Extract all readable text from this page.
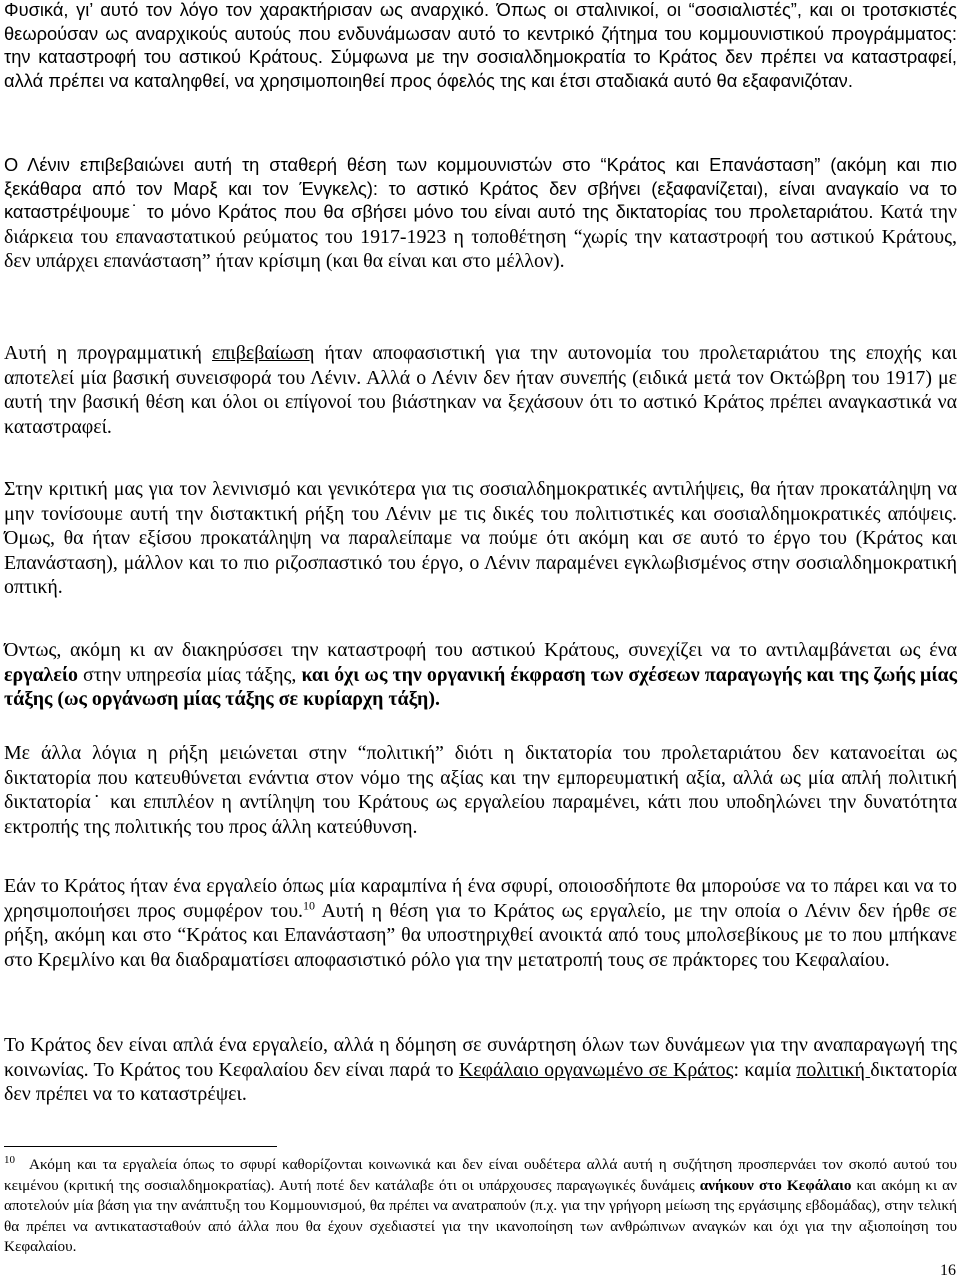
Φυσικά, γι’ αυτό τον λόγο τον χαρακτήρισαν ως αναρχικό. Όπως οι σταλινικοί, οι “σοσιαλιστές”, και οι τροτσκιστές θεωρούσαν ως αναρχικούς αυτούς που ενδυνάμωσαν αυτό το κεντρικό ζήτημα του κομμουνιστικού προγράμματος: την καταστροφή του αστικού Κράτους. Σύμφωνα με την σοσιαλδημοκρατία το Κράτος δεν πρέπει να καταστραφεί, αλλά πρέπει να καταληφθεί, να χρησιμοποιηθεί προς όφελός της και έτσι σταδιακά αυτό θα εξαφανιζόταν.

Ο Λένιν επιβεβαιώνει αυτή τη σταθερή θέση των κομμουνιστών στο “Κράτος και Επανάσταση” (ακόμη και πιο ξεκάθαρα από τον Μαρξ και τον Ένγκελς): το αστικό Κράτος δεν σβήνει (εξαφανίζεται), είναι αναγκαίο να το καταστρέψουμε˙ το μόνο Κράτος που θα σβήσει μόνο του είναι αυτό της δικτατορίας του προλεταριάτου. Κατά την διάρκεια του επαναστατικού ρεύματος του 1917-1923 η τοποθέτηση “χωρίς την καταστροφή του αστικού Κράτους, δεν υπάρχει επανάσταση” ήταν κρίσιμη (και θα είναι και στο μέλλον).

Αυτή η προγραμματική επιβεβαίωση ήταν αποφασιστική για την αυτονομία του προλεταριάτου της εποχής και αποτελεί μία βασική συνεισφορά του Λένιν. Αλλά ο Λένιν δεν ήταν συνεπής (ειδικά μετά τον Οκτώβρη του 1917) με αυτή την βασική θέση και όλοι οι επίγονοί του βιάστηκαν να ξεχάσουν ότι το αστικό Κράτος πρέπει αναγκαστικά να καταστραφεί.

Στην κριτική μας για τον λενινισμό και γενικότερα για τις σοσιαλδημοκρατικές αντιλήψεις, θα ήταν προκατάληψη να μην τονίσουμε αυτή την διστακτική ρήξη του Λένιν με τις δικές του πολιτιστικές και σοσιαλδημοκρατικές απόψεις. Όμως, θα ήταν εξίσου προκατάληψη να παραλείπαμε να πούμε ότι ακόμη και σε αυτό το έργο του (Κράτος και Επανάσταση), μάλλον και το πιο ριζοσπαστικό του έργο, ο Λένιν παραμένει εγκλωβισμένος στην σοσιαλδημοκρατική οπτική.

Όντως, ακόμη κι αν διακηρύσσει την καταστροφή του αστικού Κράτους, συνεχίζει να το αντιλαμβάνεται ως ένα εργαλείο στην υπηρεσία μίας τάξης, και όχι ως την οργανική έκφραση των σχέσεων παραγωγής και της ζωής μίας τάξης (ως οργάνωση μίας τάξης σε κυρίαρχη τάξη).

Με άλλα λόγια η ρήξη μειώνεται στην “πολιτική” διότι η δικτατορία του προλεταριάτου δεν κατανοείται ως δικτατορία που κατευθύνεται ενάντια στον νόμο της αξίας και την εμπορευματική αξία, αλλά ως μία απλή πολιτική δικτατορία˙ και επιπλέον η αντίληψη του Κράτους ως εργαλείου παραμένει, κάτι που υποδηλώνει την δυνατότητα εκτροπής της πολιτικής του προς άλλη κατεύθυνση.

Εάν το Κράτος ήταν ένα εργαλείο όπως μία καραμπίνα ή ένα σφυρί, οποιοσδήποτε θα μπορούσε να το πάρει και να το χρησιμοποιήσει προς συμφέρον του.$^{10}$ Αυτή η θέση για το Κράτος ως εργαλείο, με την οποία ο Λένιν δεν ήρθε σε ρήξη, ακόμη και στο “Κράτος και Επανάσταση” θα υποστηριχθεί ανοικτά από τους μπολσεβίκους με το που μπήκανε στο Κρεμλίνο και θα διαδραματίσει αποφασιστικό ρόλο για την μετατροπή τους σε πράκτορες του Κεφαλαίου.

Το Κράτος δεν είναι απλά ένα εργαλείο, αλλά η δόμηση σε συνάρτηση όλων των δυνάμεων για την αναπαραγωγή της κοινωνίας. Το Κράτος του Κεφαλαίου δεν είναι παρά το Κεφάλαιο οργανωμένο σε Κράτος: καμία πολιτική δικτατορία δεν πρέπει να το καταστρέψει.

$^{10}$ Ακόμη και τα εργαλεία όπως το σφυρί καθορίζονται κοινωνικά και δεν είναι ουδέτερα αλλά αυτή η συζήτηση προσπερνάει τον σκοπό αυτού του κειμένου (κριτική της σοσιαλδημοκρατίας). Αυτή ποτέ δεν κατάλαβε ότι οι υπάρχουσες παραγωγικές δυνάμεις ανήκουν στο Κεφάλαιο και ακόμη κι αν αποτελούν μία βάση για την ανάπτυξη του Κομμουνισμού, θα πρέπει να ανατραπούν (π.χ. για την γρήγορη μείωση της εργάσιμης εβδομάδας), στην τελική θα πρέπει να αντικατασταθούν από άλλα που θα έχουν σχεδιαστεί για την ικανοποίηση των ανθρώπινων αναγκών και όχι για την αξιοποίηση του Κεφαλαίου.

16
